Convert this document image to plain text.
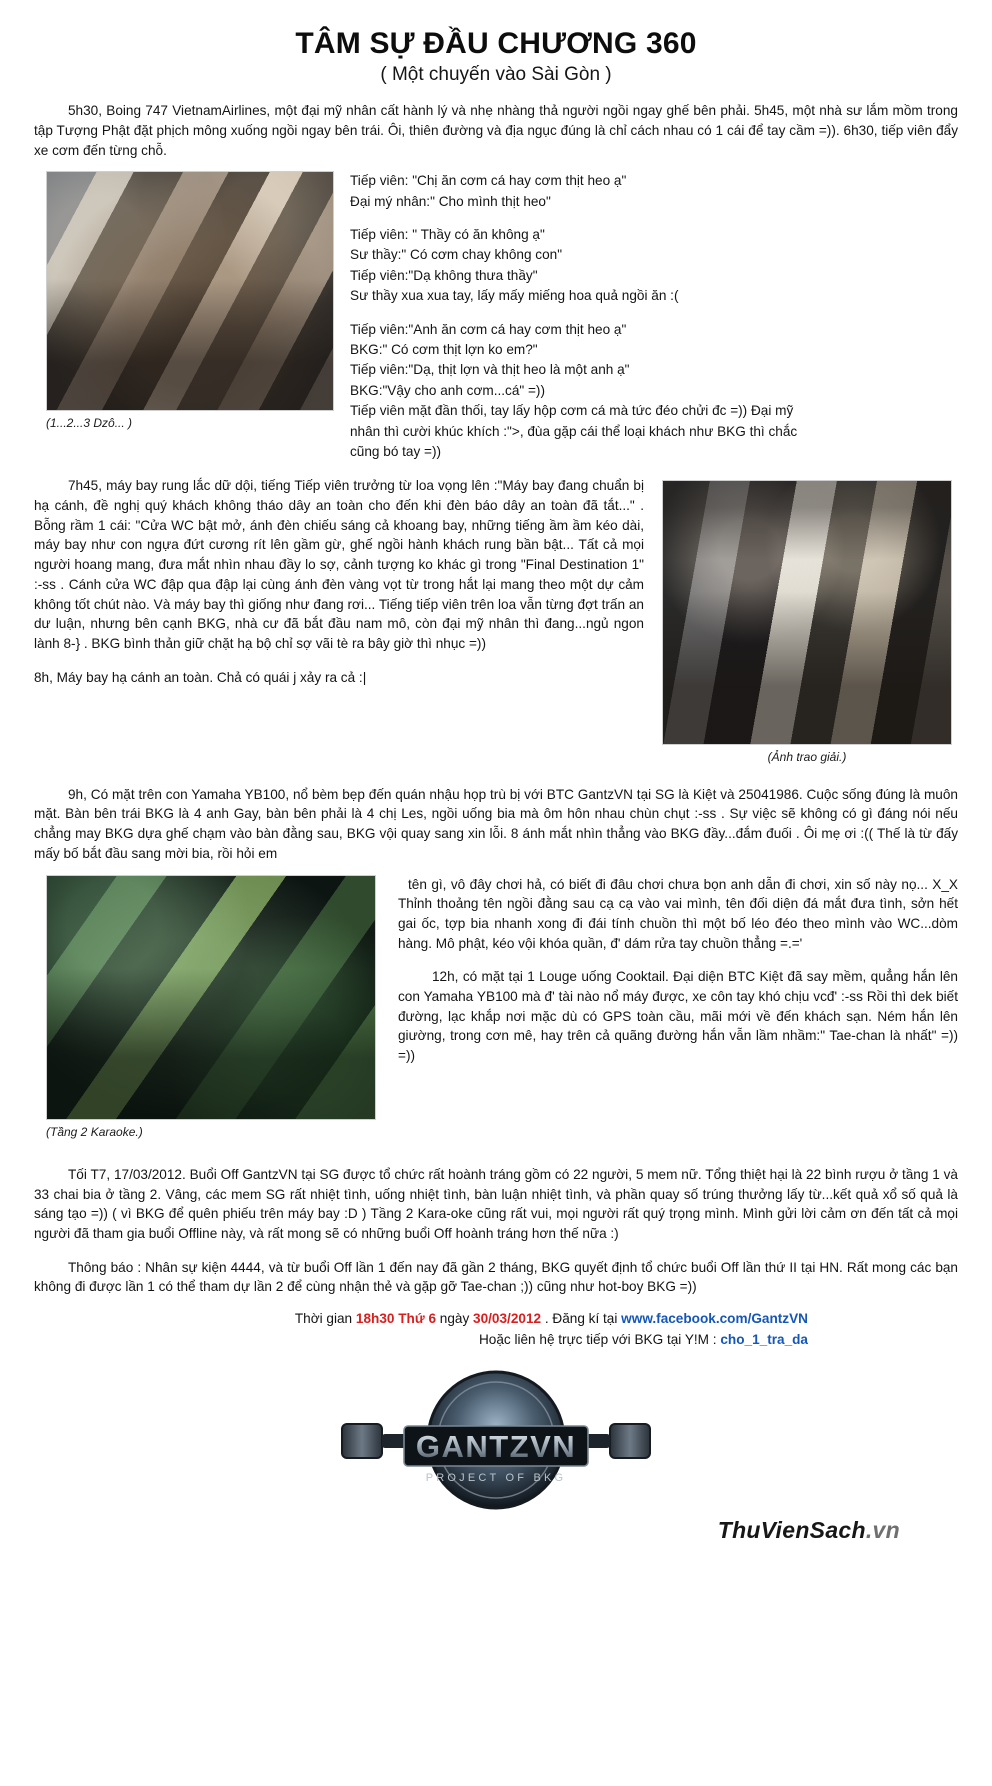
TÂM SỰ ĐẦU CHƯƠNG 360
( Một chuyến vào Sài Gòn )

5h30, Boing 747 VietnamAirlines, một đại mỹ nhân cất hành lý và nhẹ nhàng thả người ngồi ngay ghế bên phải. 5h45, một nhà sư lắm mồm trong tập Tượng Phật đặt phịch mông xuống ngồi ngay bên trái. Ôi, thiên đường và địa ngục đúng là chỉ cách nhau có 1 cái để tay cầm =)). 6h30, tiếp viên đẩy xe cơm đến từng chỗ.

(1...2...3 Dzô... )
Tiếp viên: "Chị ăn cơm cá hay cơm thịt heo ạ"
Đại mý nhân:" Cho mình thịt heo"
Tiếp viên: " Thầy có ăn không ạ"
Sư thầy:" Có cơm chay không con"
Tiếp viên:"Dạ không thưa thầy"
Sư thầy xua xua tay, lấy mấy miếng hoa quả ngồi ăn :(
Tiếp viên:"Anh ăn cơm cá hay cơm thịt heo ạ"
BKG:" Có cơm thịt lợn ko em?"
Tiếp viên:"Dạ, thịt lợn và thịt heo là một anh ạ"
BKG:"Vậy cho anh cơm...cá" =))
Tiếp viên mặt đần thối, tay lấy hộp cơm cá mà tức đéo chửi đc =)) Đại mỹ
nhân thì cười khúc khích :">, đùa gặp cái thể loại khách như BKG thì chắc
cũng bó tay =))
(Ảnh trao giải.)

7h45, máy bay rung lắc dữ dội, tiếng Tiếp viên trưởng từ loa vọng lên :"Máy bay đang chuẩn bị hạ cánh, đề nghị quý khách không tháo dây an toàn cho đến khi đèn báo dây an toàn đã tắt..." . Bỗng rầm 1 cái: "Cửa WC bật mở, ánh đèn chiếu sáng cả khoang bay, những tiếng ầm ầm kéo dài, máy bay như con ngựa đứt cương rít lên gầm gừ, ghế ngồi hành khách rung bần bật... Tất cả mọi người hoang mang, đưa mắt nhìn nhau đầy lo sợ, cảnh tượng ko khác gì trong "Final Destination 1" :-ss . Cánh cửa WC đập qua đập lại cùng ánh đèn vàng vọt từ trong hắt lại mang theo một dự cảm không tốt chút nào. Và máy bay thì giống như đang rơi... Tiếng tiếp viên trên loa vẫn từng đợt trấn an dư luận, nhưng bên cạnh BKG, nhà cư đã bắt đầu nam mô, còn đại mỹ nhân thì đang...ngủ ngon lành 8-} . BKG bình thản giữ chặt hạ bộ chỉ sợ vãi tè ra bây giờ thì nhục =))

8h, Máy bay hạ cánh an toàn. Chả có quái j xảy ra cả :|

9h, Có mặt trên con Yamaha YB100, nổ bèm bẹp đến quán nhậu họp trù bị với BTC GantzVN tại SG là Kiệt và 25041986. Cuộc sống đúng là muôn mặt. Bàn bên trái BKG là 4 anh Gay, bàn bên phải là 4 chị Les, ngồi uống bia mà ôm hôn nhau chùn chụt :-ss . Sự việc sẽ không có gì đáng nói nếu chẳng may BKG dựa ghế chạm vào bàn đằng sau, BKG vội quay sang xin lỗi. 8 ánh mắt nhìn thẳng vào BKG đầy...đắm đuối . Ôi mẹ ơi :(( Thế là từ đấy mấy bố bắt đầu sang mời bia, rồi hỏi em

(Tầng 2 Karaoke.)

tên gì, vô đây chơi hả, có biết đi đâu chơi chưa bọn anh dẫn đi chơi, xin số này nọ... X_X Thỉnh thoảng tên ngồi đằng sau cạ cạ vào vai mình, tên đối diện đá mắt đưa tình, sởn hết gai ốc, tợp bia nhanh xong đi đái tính chuồn thì một bố léo đéo theo mình vào WC...dòm hàng. Mô phật, kéo vội khóa quần, đ' dám rửa tay chuồn thẳng =.='

12h, có mặt tại 1 Louge uống Cooktail. Đại diện BTC Kiệt đã say mềm, quẳng hắn lên con Yamaha YB100 mà đ' tài nào nổ máy được, xe côn tay khó chịu vcđ' :-ss Rồi thì dek biết đường, lạc khắp nơi mặc dù có GPS toàn cầu, mãi mới về đến khách sạn. Ném hắn lên giường, trong cơn mê, hay trên cả quãng đường hắn vẫn lầm nhầm:" Tae-chan là nhất" =)) =))

Tối T7, 17/03/2012. Buổi Off GantzVN tại SG được tổ chức rất hoành tráng gồm có 22 người, 5 mem nữ. Tổng thiệt hại là 22 bình rượu ở tầng 1 và 33 chai bia ở tầng 2. Vâng, các mem SG rất nhiệt tình, uống nhiệt tình, bàn luận nhiệt tình, và phần quay số trúng thưởng lấy từ...kết quả xổ số quả là sáng tạo =)) ( vì BKG để quên phiếu trên máy bay :D ) Tầng 2 Kara-oke cũng rất vui, mọi người rất quý trọng mình. Mình gửi lời cảm ơn đến tất cả mọi người đã tham gia buổi Offline này, và rất mong sẽ có những buổi Off hoành tráng hơn thế nữa :)

Thông báo : Nhân sự kiện 4444, và từ buổi Off lần 1 đến nay đã gần 2 tháng, BKG quyết định tổ chức buổi Off lần thứ II tại HN. Rất mong các bạn không đi được lần 1 có thể tham dự lần 2 để cùng nhận thẻ và gặp gỡ Tae-chan ;)) cũng như hot-boy BKG =))

Thời gian 18h30 Thứ 6 ngày 30/03/2012 . Đăng kí tại www.facebook.com/GantzVN
Hoặc liên hệ trực tiếp với BKG tại Y!M : cho_1_tra_da
GANTZVN
PROJECT OF BKG
ThuVienSach.vn
